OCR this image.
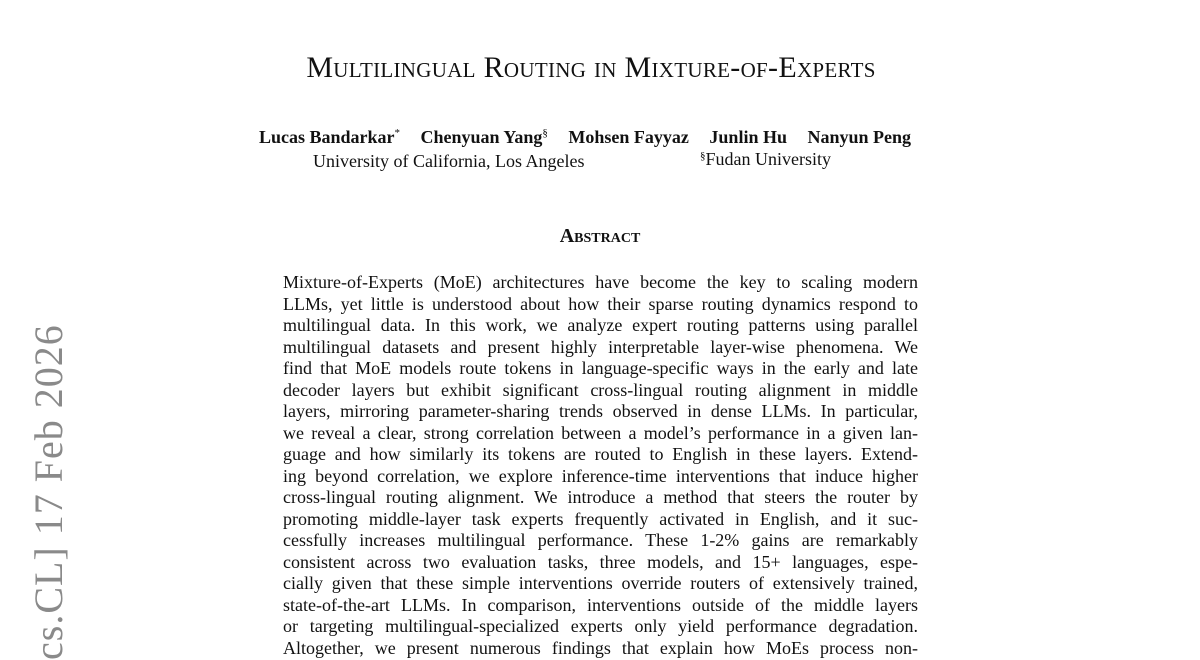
Multilingual Routing in Mixture-of-Experts
Lucas Bandarkar* Chenyuan Yang§ Mohsen Fayyaz Junlin Hu Nanyun Peng
University of California, Los Angeles	§Fudan University
Abstract
Mixture-of-Experts (MoE) architectures have become the key to scaling modern
LLMs, yet little is understood about how their sparse routing dynamics respond to
multilingual data. In this work, we analyze expert routing patterns using parallel
multilingual datasets and present highly interpretable layer-wise phenomena. We
find that MoE models route tokens in language-specific ways in the early and late
decoder layers but exhibit significant cross-lingual routing alignment in middle
layers, mirroring parameter-sharing trends observed in dense LLMs. In particular,
we reveal a clear, strong correlation between a model’s performance in a given lan-
guage and how similarly its tokens are routed to English in these layers. Extend-
ing beyond correlation, we explore inference-time interventions that induce higher
cross-lingual routing alignment. We introduce a method that steers the router by
promoting middle-layer task experts frequently activated in English, and it suc-
cessfully increases multilingual performance. These 1-2% gains are remarkably
consistent across two evaluation tasks, three models, and 15+ languages, espe-
cially given that these simple interventions override routers of extensively trained,
state-of-the-art LLMs. In comparison, interventions outside of the middle layers
or targeting multilingual-specialized experts only yield performance degradation.
Altogether, we present numerous findings that explain how MoEs process non-
cs.CL] 17 Feb 2026
